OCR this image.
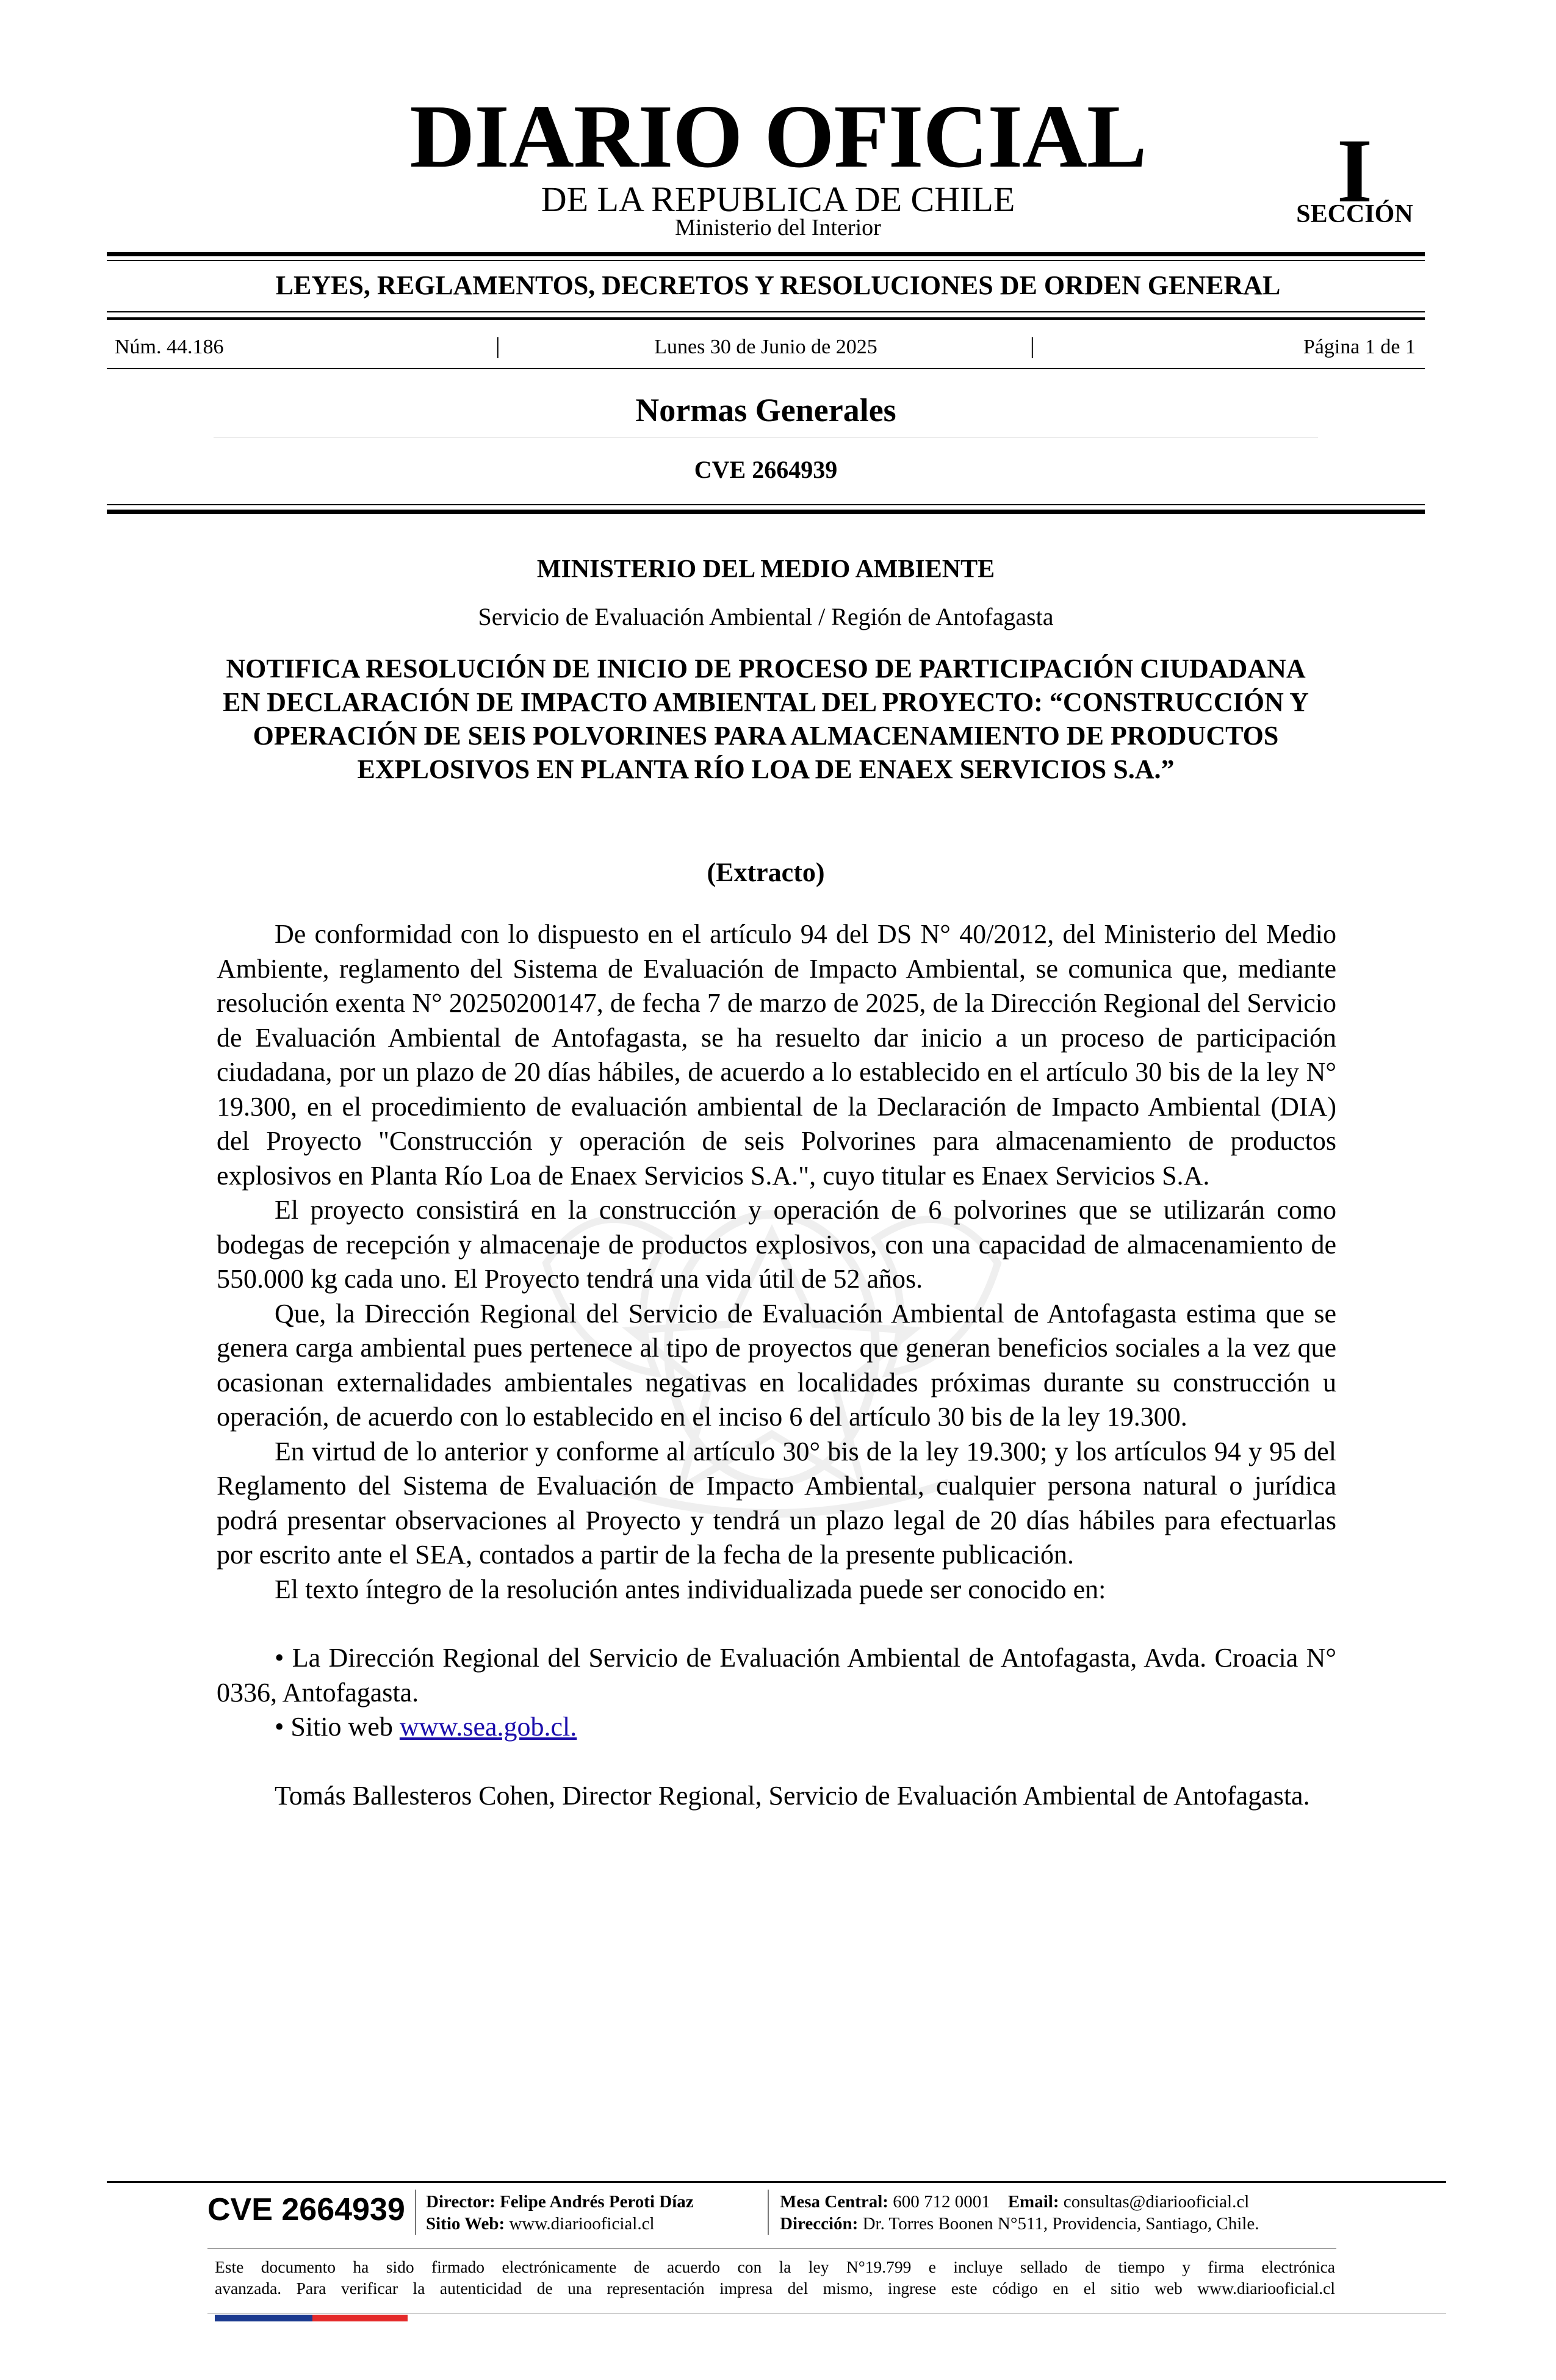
DIARIO OFICIAL
DE LA REPUBLICA DE CHILE
Ministerio del Interior
I
SECCIÓN
LEYES, REGLAMENTOS, DECRETOS Y RESOLUCIONES DE ORDEN GENERAL
Núm. 44.186	|	Lunes 30 de Junio de 2025	|	Página 1 de 1
Normas Generales
CVE 2664939
MINISTERIO DEL MEDIO AMBIENTE
Servicio de Evaluación Ambiental / Región de Antofagasta
NOTIFICA RESOLUCIÓN DE INICIO DE PROCESO DE PARTICIPACIÓN CIUDADANA EN DECLARACIÓN DE IMPACTO AMBIENTAL DEL PROYECTO: “CONSTRUCCIÓN Y OPERACIÓN DE SEIS POLVORINES PARA ALMACENAMIENTO DE PRODUCTOS EXPLOSIVOS EN PLANTA RÍO LOA DE ENAEX SERVICIOS S.A.”
(Extracto)

De conformidad con lo dispuesto en el artículo 94 del DS N° 40/2012, del Ministerio del Medio Ambiente, reglamento del Sistema de Evaluación de Impacto Ambiental, se comunica que, mediante resolución exenta N° 20250200147, de fecha 7 de marzo de 2025, de la Dirección Regional del Servicio de Evaluación Ambiental de Antofagasta, se ha resuelto dar inicio a un proceso de participación ciudadana, por un plazo de 20 días hábiles, de acuerdo a lo establecido en el artículo 30 bis de la ley N° 19.300, en el procedimiento de evaluación ambiental de la Declaración de Impacto Ambiental (DIA) del Proyecto "Construcción y operación de seis Polvorines para almacenamiento de productos explosivos en Planta Río Loa de Enaex Servicios S.A.", cuyo titular es Enaex Servicios S.A.

El proyecto consistirá en la construcción y operación de 6 polvorines que se utilizarán como bodegas de recepción y almacenaje de productos explosivos, con una capacidad de almacenamiento de 550.000 kg cada uno. El Proyecto tendrá una vida útil de 52 años.

Que, la Dirección Regional del Servicio de Evaluación Ambiental de Antofagasta estima que se genera carga ambiental pues pertenece al tipo de proyectos que generan beneficios sociales a la vez que ocasionan externalidades ambientales negativas en localidades próximas durante su construcción u operación, de acuerdo con lo establecido en el inciso 6 del artículo 30 bis de la ley 19.300.

En virtud de lo anterior y conforme al artículo 30° bis de la ley 19.300; y los artículos 94 y 95 del Reglamento del Sistema de Evaluación de Impacto Ambiental, cualquier persona natural o jurídica podrá presentar observaciones al Proyecto y tendrá un plazo legal de 20 días hábiles para efectuarlas por escrito ante el SEA, contados a partir de la fecha de la presente publicación.

El texto íntegro de la resolución antes individualizada puede ser conocido en:

• La Dirección Regional del Servicio de Evaluación Ambiental de Antofagasta, Avda. Croacia N° 0336, Antofagasta.

• Sitio web www.sea.gob.cl.

Tomás Ballesteros Cohen, Director Regional, Servicio de Evaluación Ambiental de Antofagasta.

CVE 2664939 Director: Felipe Andrés Peroti Díaz
Sitio Web: www.diariooficial.cl
Mesa Central: 600 712 0001 Email: consultas@diariooficial.cl
Dirección: Dr. Torres Boonen N°511, Providencia, Santiago, Chile.
Este documento ha sido firmado electrónicamente de acuerdo con la ley N°19.799 e incluye sellado de tiempo y firma electrónica
avanzada. Para verificar la autenticidad de una representación impresa del mismo, ingrese este código en el sitio web www.diariooficial.cl
